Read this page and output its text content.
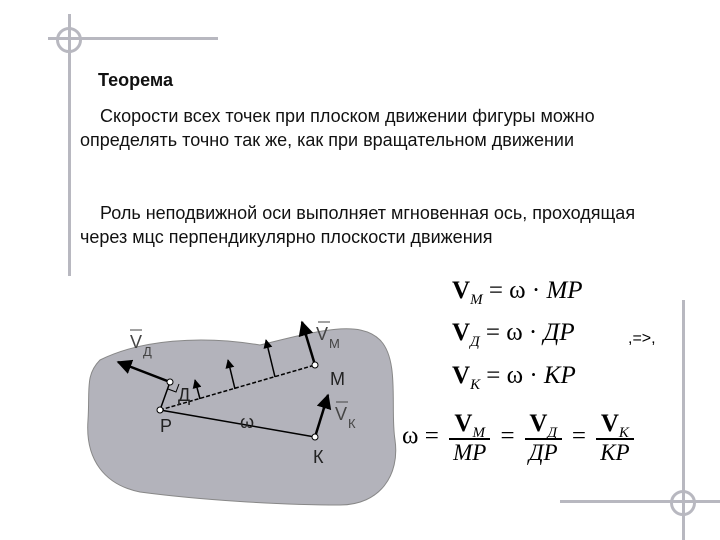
Теорема
Скорости всех точек при плоском движении фигуры можно определять точно так же, как при вращательном движении
Роль неподвижной оси выполняет мгновенная ось, проходящая через мцс перпендикулярно плоскости движения
V Д
V М
М
Д
Р	ω	V К
К
$V_М = \omega$ · МР
$V_Д = \omega$ · ДР	,=>,
$V_К = \omega$ · КР
$\omega = \frac{V_М}{МР} = \frac{V_Д}{ДР} = \frac{V_К}{КР}$
